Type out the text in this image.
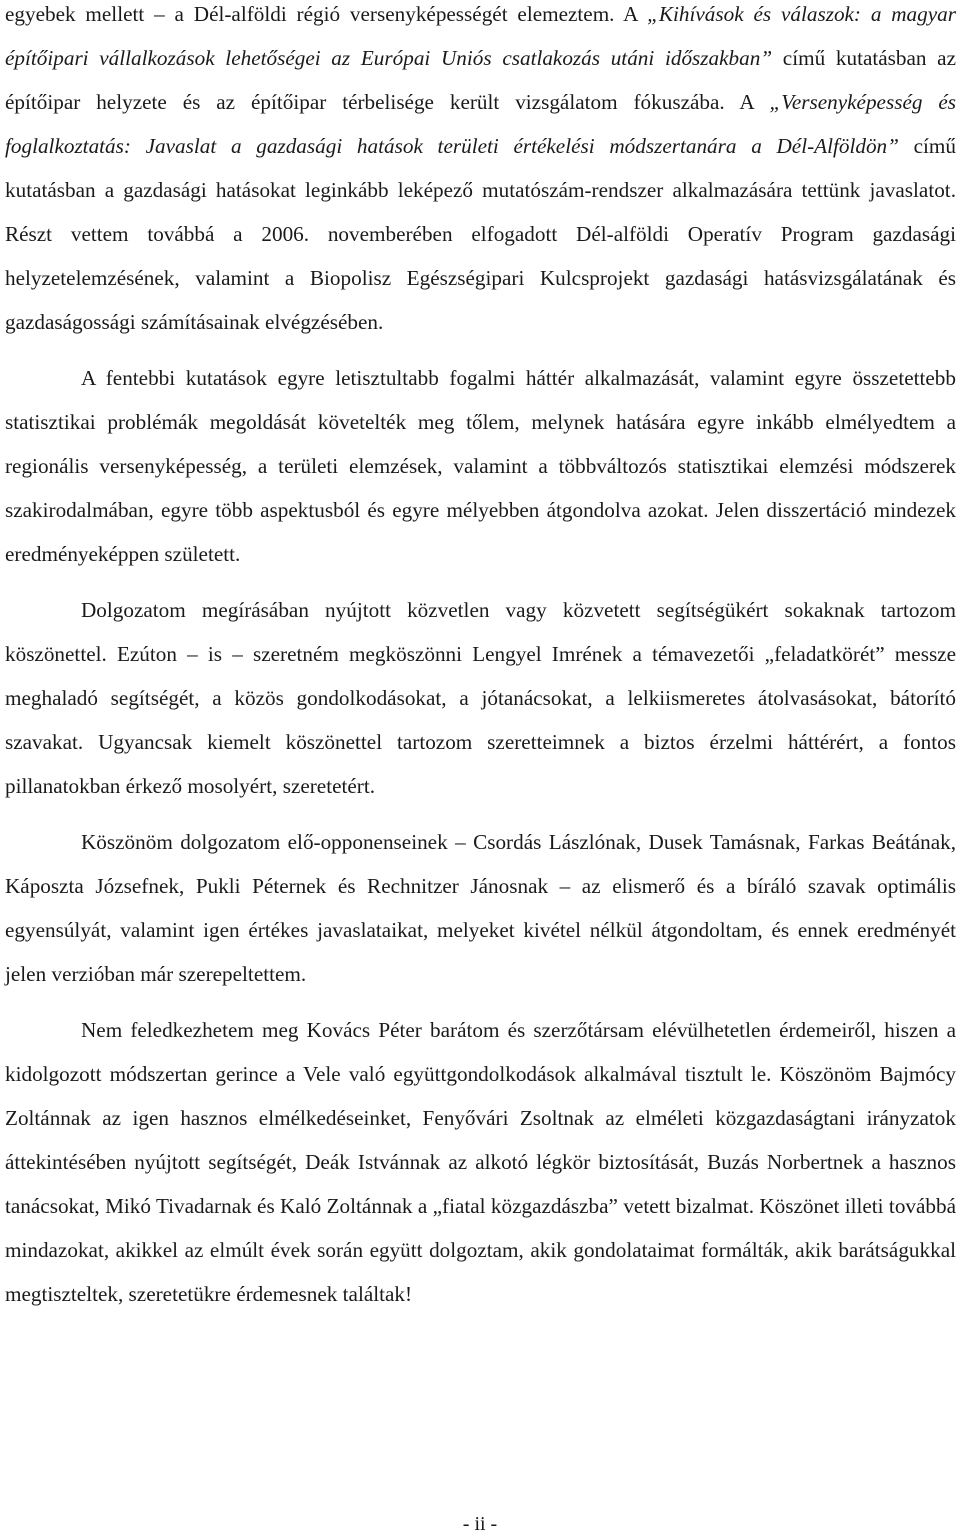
egyebek mellett – a Dél-alföldi régió versenyképességét elemeztem. A „Kihívások és válaszok: a magyar építőipari vállalkozások lehetőségei az Európai Uniós csatlakozás utáni időszakban” című kutatásban az építőipar helyzete és az építőipar térbelisége került vizsgálatom fókuszába. A „Versenyképesség és foglalkoztatás: Javaslat a gazdasági hatások területi értékelési módszertanára a Dél-Alföldön” című kutatásban a gazdasági hatásokat leginkább leképező mutatószám-rendszer alkalmazására tettünk javaslatot. Részt vettem továbbá a 2006. novemberében elfogadott Dél-alföldi Operatív Program gazdasági helyzetelemzésének, valamint a Biopolisz Egészségipari Kulcsprojekt gazdasági hatásvizsgálatának és gazdaságossági számításainak elvégzésében.

A fentebbi kutatások egyre letisztultabb fogalmi háttér alkalmazását, valamint egyre összetettebb statisztikai problémák megoldását követelték meg tőlem, melynek hatására egyre inkább elmélyedtem a regionális versenyképesség, a területi elemzések, valamint a többváltozós statisztikai elemzési módszerek szakirodalmában, egyre több aspektusból és egyre mélyebben átgondolva azokat. Jelen disszertáció mindezek eredményeképpen született.

Dolgozatom megírásában nyújtott közvetlen vagy közvetett segítségükért sokaknak tartozom köszönettel. Ezúton – is – szeretném megköszönni Lengyel Imrének a témavezetői „feladatkörét” messze meghaladó segítségét, a közös gondolkodásokat, a jótanácsokat, a lelkiismeretes átolvasásokat, bátorító szavakat. Ugyancsak kiemelt köszönettel tartozom szeretteimnek a biztos érzelmi háttérért, a fontos pillanatokban érkező mosolyért, szeretetért.

Köszönöm dolgozatom elő-opponenseinek – Csordás Lászlónak, Dusek Tamásnak, Farkas Beátának, Káposzta Józsefnek, Pukli Péternek és Rechnitzer Jánosnak – az elismerő és a bíráló szavak optimális egyensúlyát, valamint igen értékes javaslataikat, melyeket kivétel nélkül átgondoltam, és ennek eredményét jelen verzióban már szerepeltettem.

Nem feledkezhetem meg Kovács Péter barátom és szerzőtársam elévülhetetlen érdemeiről, hiszen a kidolgozott módszertan gerince a Vele való együttgondolkodások alkalmával tisztult le. Köszönöm Bajmócy Zoltánnak az igen hasznos elmélkedéseinket, Fenyővári Zsoltnak az elméleti közgazdaságtani irányzatok áttekintésében nyújtott segítségét, Deák Istvánnak az alkotó légkör biztosítását, Buzás Norbertnek a hasznos tanácsokat, Mikó Tivadarnak és Kaló Zoltánnak a „fiatal közgazdászba” vetett bizalmat. Köszönet illeti továbbá mindazokat, akikkel az elmúlt évek során együtt dolgoztam, akik gondolataimat formálták, akik barátságukkal megtiszteltek, szeretetükre érdemesnek találtak!

- ii -
